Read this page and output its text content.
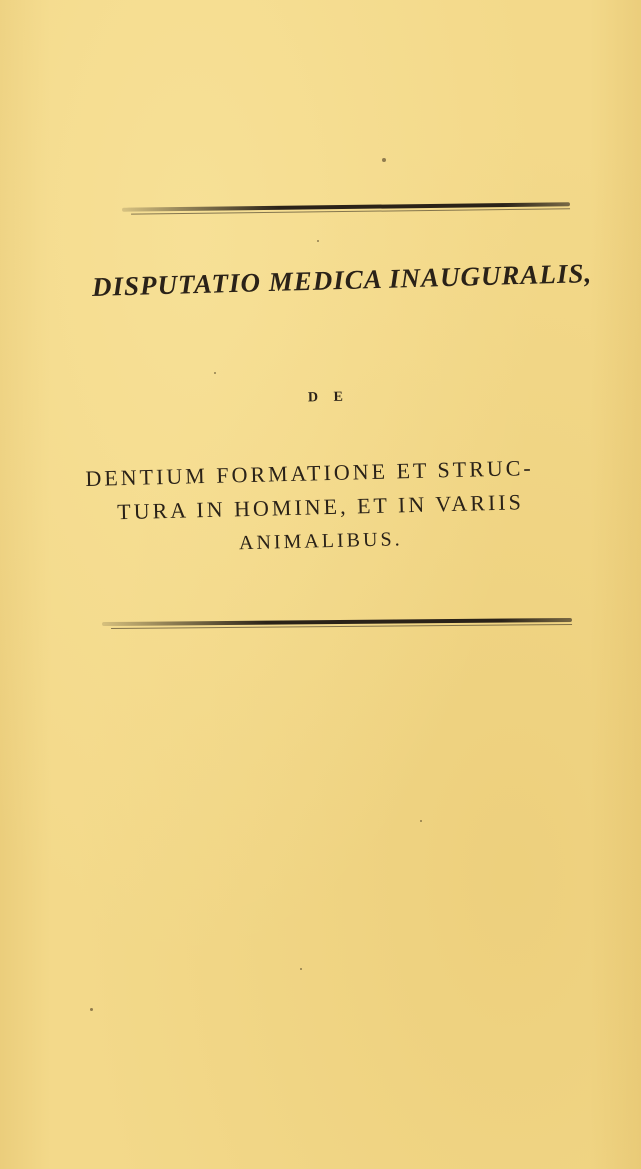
DISPUTATIO MEDICA INAUGURALIS,
D E
DENTIUM FORMATIONE ET STRUC-
TURA IN HOMINE, ET IN VARIIS
ANIMALIBUS.
